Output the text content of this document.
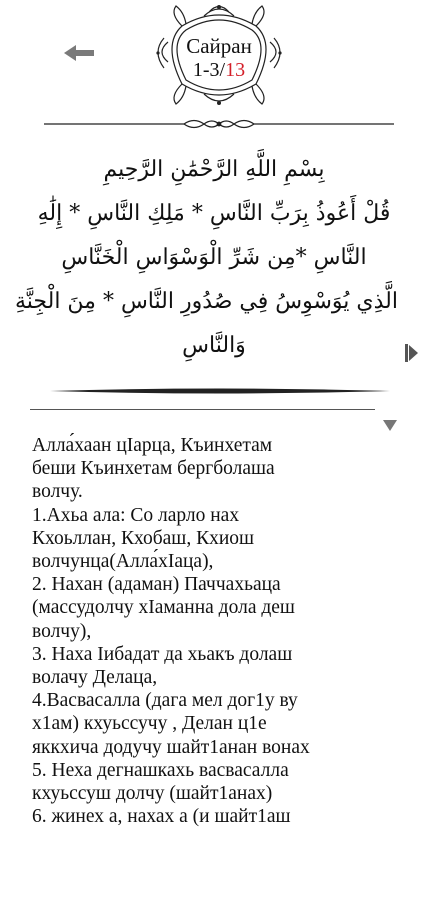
Сайран
1-3/13
بِسْمِ اللَّهِ الرَّحْمَٰنِ الرَّحِيمِ
قُلْ أَعُوذُ بِرَبِّ النَّاسِ * مَلِكِ النَّاسِ * إِلَٰهِ
النَّاسِ *مِن شَرِّ الْوَسْوَاسِ الْخَنَّاسِ
الَّذِي يُوَسْوِسُ فِي صُدُورِ النَّاسِ * مِنَ الْجِنَّةِ
وَالنَّاسِ
Алла́хаан цIарца, Къинхетам
беши Къинхетам бергболаша
волчу.
1.Ахьа ала: Со ларло нах
Кхоьллан, Кхобаш, Кхиош
волчунца(Алла́хIаца),
2. Нахан (адаман) Паччахьаца
(массудолчу хIаманна дола деш
волчу),
3. Наха Iибадат да хьакъ долаш
волачу Делаца,
4.Васвасалла (дага мел дог1у ву
х1ам) кхуьссучу , Делан ц1е
яккхича додучу шайт1анан вонах
5. Неха дегнашкахь васвасалла
кхуьссуш долчу (шайт1анах)
6. жинех а, нахах а (и шайт1аш
